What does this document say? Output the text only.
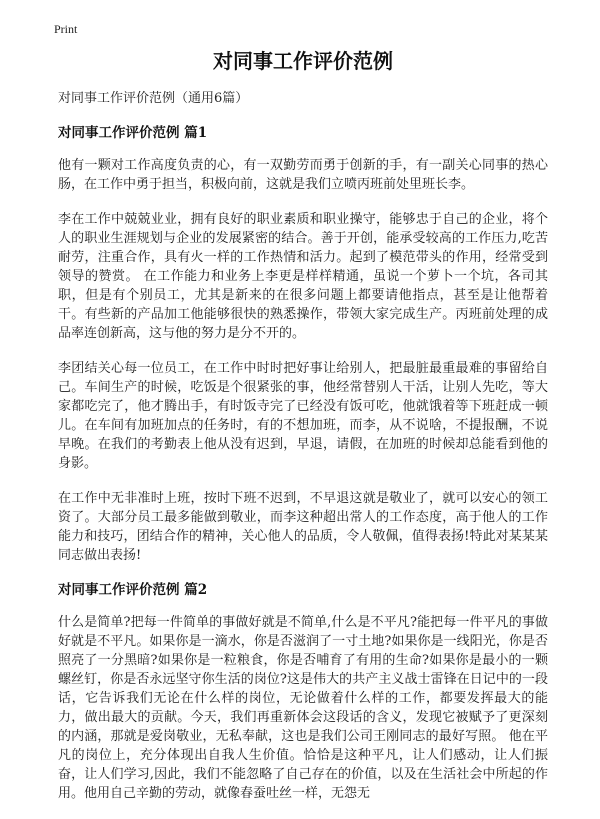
Print
对同事工作评价范例
对同事工作评价范例（通用6篇）
对同事工作评价范例 篇1

他有一颗对工作高度负责的心，有一双勤劳而勇于创新的手，有一副关心同事的热心肠，在工作中勇于担当，积极向前，这就是我们立喷丙班前处里班长李。

李在工作中兢兢业业，拥有良好的职业素质和职业操守，能够忠于自己的企业，将个人的职业生涯规划与企业的发展紧密的结合。善于开创，能承受较高的工作压力,吃苦耐劳，注重合作，具有火一样的工作热情和活力。起到了模范带头的作用，经常受到领导的赞赏。 在工作能力和业务上李更是样样精通，虽说一个萝卜一个坑，各司其职，但是有个别员工，尤其是新来的在很多问题上都要请他指点，甚至是让他帮着干。有些新的产品加工他能够很快的熟悉操作，带领大家完成生产。丙班前处理的成品率连创新高，这与他的努力是分不开的。

李团结关心每一位员工，在工作中时时把好事让给别人，把最脏最重最难的事留给自己。车间生产的时候，吃饭是个很紧张的事，他经常替别人干活，让别人先吃，等大家都吃完了，他才腾出手，有时饭寺完了已经没有饭可吃，他就饿着等下班赶成一顿儿。在车间有加班加点的任务时，有的不想加班，而李，从不说啥，不提报酬，不说早晚。在我们的考勤表上他从没有迟到，早退，请假，在加班的时候却总能看到他的身影。

在工作中无非准时上班，按时下班不迟到，不早退这就是敬业了，就可以安心的领工资了。大部分员工最多能做到敬业，而李这种超出常人的工作态度，高于他人的工作能力和技巧，团结合作的精神，关心他人的品质，令人敬佩，值得表扬!特此对某某某同志做出表扬!

对同事工作评价范例 篇2

什么是简单?把每一件简单的事做好就是不简单,什么是不平凡?能把每一件平凡的事做好就是不平凡。如果你是一滴水，你是否滋润了一寸土地?如果你是一线阳光，你是否照亮了一分黑暗?如果你是一粒粮食，你是否哺育了有用的生命?如果你是最小的一颗螺丝钉，你是否永远坚守你生活的岗位?这是伟大的共产主义战士雷锋在日记中的一段话，它告诉我们无论在什么样的岗位，无论做着什么样的工作，都要发挥最大的能力，做出最大的贡献。今天，我们再重新体会这段话的含义，发现它被赋予了更深刻的内涵，那就是爱岗敬业，无私奉献，这也是我们公司王刚同志的最好写照。 他在平凡的岗位上，充分体现出自我人生价值。恰恰是这种平凡，让人们感动，让人们振奋，让人们学习,因此，我们不能忽略了自己存在的价值，以及在生活社会中所起的作用。他用自己辛勤的劳动，就像春蚕吐丝一样，无怨无
